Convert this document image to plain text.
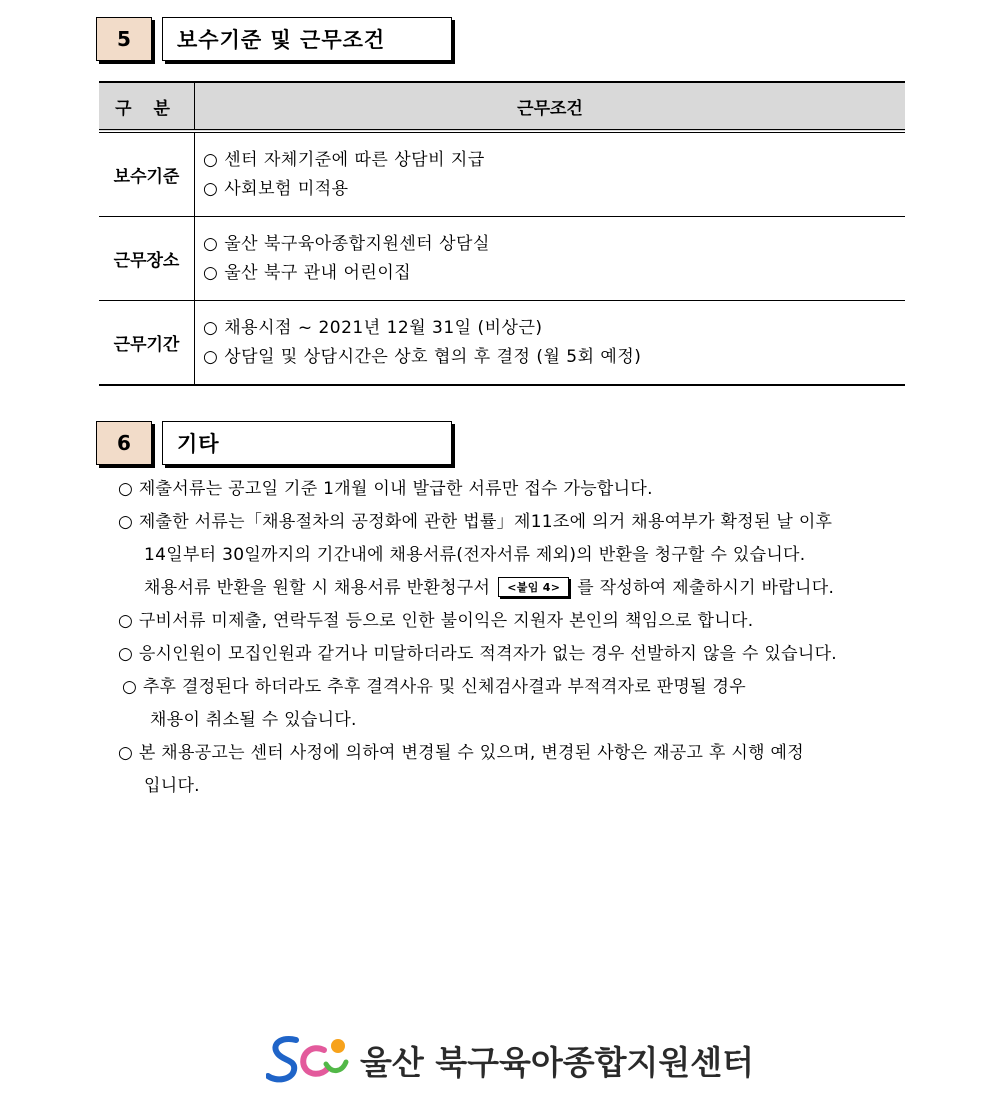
5	보수기준 및 근무조건
구 분	근무조건
보수기준	○ 센터 자체기준에 따른 상담비 지급
○ 사회보험 미적용

근무장소	○ 울산 북구육아종합지원센터 상담실
○ 울산 북구 관내 어린이집

근무기간	○ 채용시점 ~ 2021년 12월 31일 (비상근)
○ 상담일 및 상담시간은 상호 협의 후 결정 (월 5회 예정)
6	기타
○ 제출서류는 공고일 기준 1개월 이내 발급한 서류만 접수 가능합니다.
○ 제출한 서류는「채용절차의 공정화에 관한 법률」제11조에 의거 채용여부가 확정된 날 이후
14일부터 30일까지의 기간내에 채용서류(전자서류 제외)의 반환을 청구할 수 있습니다.
채용서류 반환을 원할 시 채용서류 반환청구서 <붙임 4> 를 작성하여 제출하시기 바랍니다.
○ 구비서류 미제출, 연락두절 등으로 인한 불이익은 지원자 본인의 책임으로 합니다.
○ 응시인원이 모집인원과 같거나 미달하더라도 적격자가 없는 경우 선발하지 않을 수 있습니다.
○ 추후 결정된다 하더라도 추후 결격사유 및 신체검사결과 부적격자로 판명될 경우
채용이 취소될 수 있습니다.
○ 본 채용공고는 센터 사정에 의하여 변경될 수 있으며, 변경된 사항은 재공고 후 시행 예정
입니다.
울산 북구육아종합지원센터
